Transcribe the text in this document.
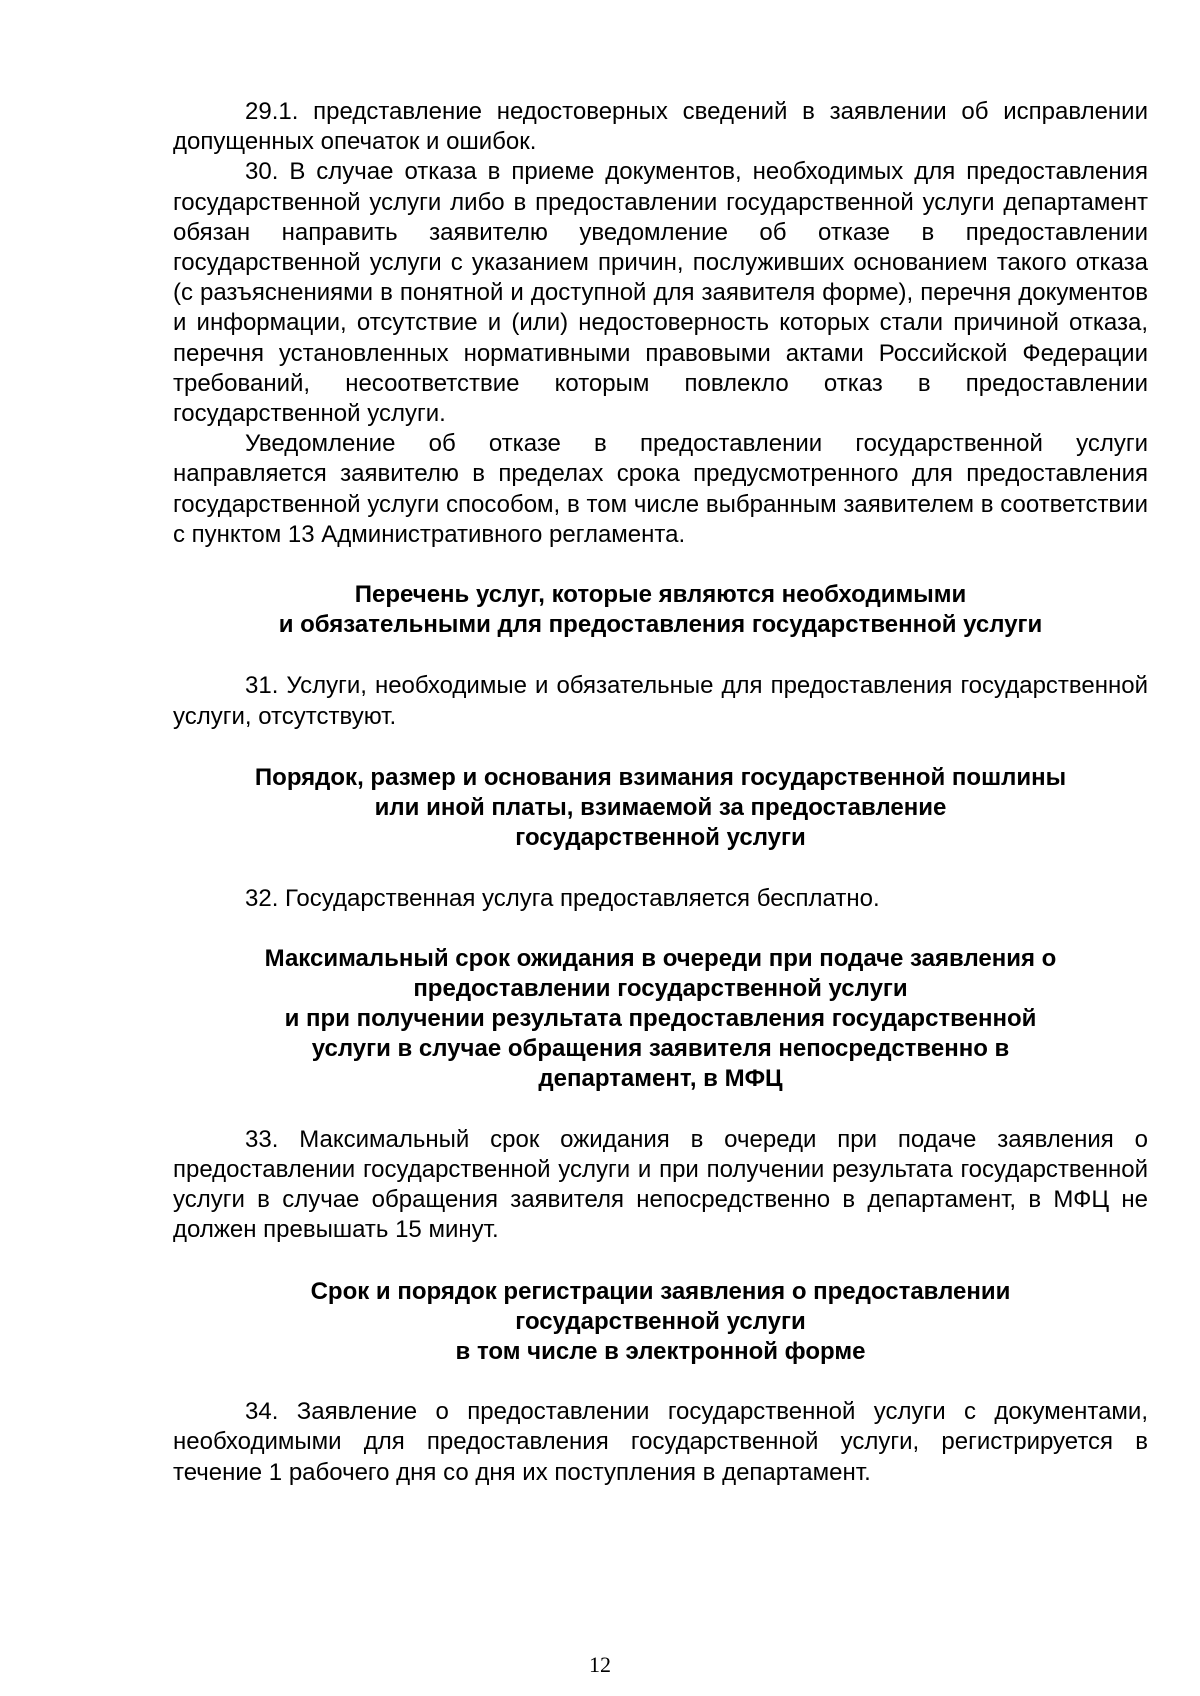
29.1. представление недостоверных сведений в заявлении об исправлении допущенных опечаток и ошибок.

30. В случае отказа в приеме документов, необходимых для предоставления государственной услуги либо в предоставлении государственной услуги департамент обязан направить заявителю уведомление об отказе в предоставлении государственной услуги с указанием причин, послуживших основанием такого отказа (с разъяснениями в понятной и доступной для заявителя форме), перечня документов и информации, отсутствие и (или) недостоверность которых стали причиной отказа, перечня установленных нормативными правовыми актами Российской Федерации требований, несоответствие которым повлекло отказ в предоставлении государственной услуги.

Уведомление об отказе в предоставлении государственной услуги направляется заявителю в пределах срока предусмотренного для предоставления государственной услуги способом, в том числе выбранным заявителем в соответствии с пунктом 13 Административного регламента.

Перечень услуг, которые являются необходимыми
и обязательными для предоставления государственной услуги

31. Услуги, необходимые и обязательные для предоставления государственной услуги, отсутствуют.

Порядок, размер и основания взимания государственной пошлины
или иной платы, взимаемой за предоставление
государственной услуги

32. Государственная услуга предоставляется бесплатно.

Максимальный срок ожидания в очереди при подаче заявления о
предоставлении государственной услуги
и при получении результата предоставления государственной
услуги в случае обращения заявителя непосредственно в
департамент, в МФЦ

33. Максимальный срок ожидания в очереди при подаче заявления о предоставлении государственной услуги и при получении результата государственной услуги в случае обращения заявителя непосредственно в департамент, в МФЦ не должен превышать 15 минут.

Срок и порядок регистрации заявления о предоставлении
государственной услуги
в том числе в электронной форме

34. Заявление о предоставлении государственной услуги с документами, необходимыми для предоставления государственной услуги, регистрируется в течение 1 рабочего дня со дня их поступления в департамент.

12
